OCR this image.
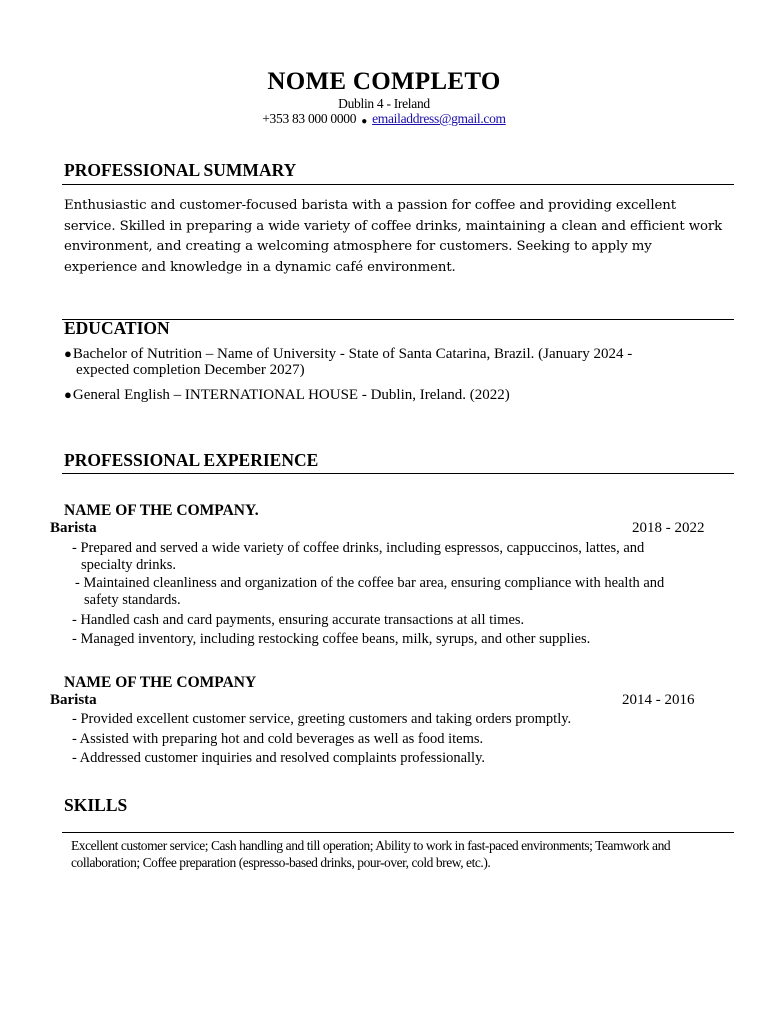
NOME COMPLETO
Dublin 4 - Ireland
+353 83 000 0000 ● emailaddress@gmail.com
PROFESSIONAL SUMMARY
Enthusiastic and customer-focused barista with a passion for coffee and providing excellent service. Skilled in preparing a wide variety of coffee drinks, maintaining a clean and efficient work environment, and creating a welcoming atmosphere for customers. Seeking to apply my experience and knowledge in a dynamic café environment.
EDUCATION
●Bachelor of Nutrition – Name of University - State of Santa Catarina, Brazil. (January 2024 -
expected completion December 2027)
●General English – INTERNATIONAL HOUSE - Dublin, Ireland. (2022)
PROFESSIONAL EXPERIENCE
NAME OF THE COMPANY.
Barista	2018 - 2022
- Prepared and served a wide variety of coffee drinks, including espressos, cappuccinos, lattes, and
specialty drinks.
- Maintained cleanliness and organization of the coffee bar area, ensuring compliance with health and
safety standards.
- Handled cash and card payments, ensuring accurate transactions at all times.
- Managed inventory, including restocking coffee beans, milk, syrups, and other supplies.
NAME OF THE COMPANY
Barista	2014 - 2016
- Provided excellent customer service, greeting customers and taking orders promptly.
- Assisted with preparing hot and cold beverages as well as food items.
- Addressed customer inquiries and resolved complaints professionally.
SKILLS
Excellent customer service; Cash handling and till operation; Ability to work in fast-paced environments; Teamwork and collaboration; Coffee preparation (espresso-based drinks, pour-over, cold brew, etc.).
